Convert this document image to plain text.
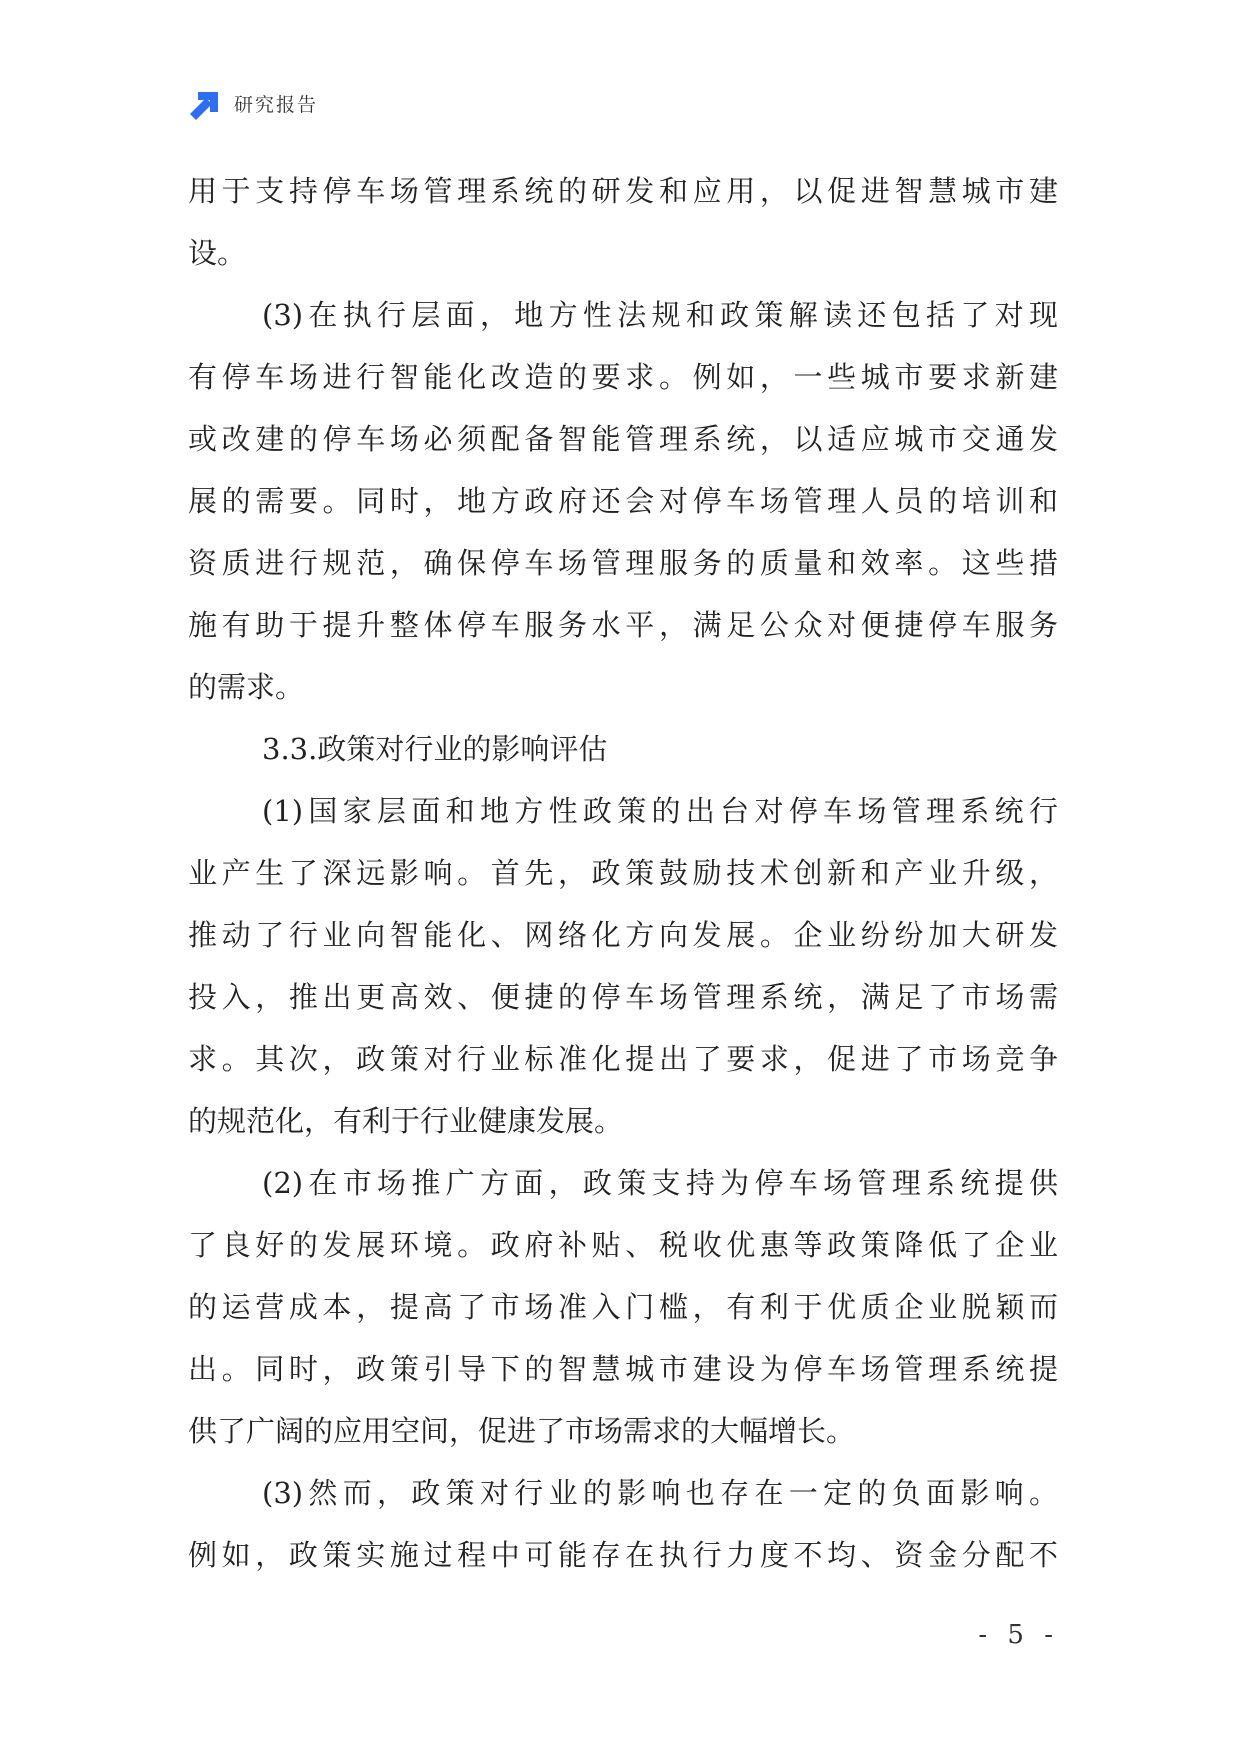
研究报告
用于支持停车场管理系统的研发和应用，以促进智慧城市建
设。
(3)在执行层面，地方性法规和政策解读还包括了对现
有停车场进行智能化改造的要求。例如，一些城市要求新建
或改建的停车场必须配备智能管理系统，以适应城市交通发
展的需要。同时，地方政府还会对停车场管理人员的培训和
资质进行规范，确保停车场管理服务的质量和效率。这些措
施有助于提升整体停车服务水平，满足公众对便捷停车服务
的需求。
3.3.政策对行业的影响评估
(1)国家层面和地方性政策的出台对停车场管理系统行
业产生了深远影响。首先，政策鼓励技术创新和产业升级，
推动了行业向智能化、网络化方向发展。企业纷纷加大研发
投入，推出更高效、便捷的停车场管理系统，满足了市场需
求。其次，政策对行业标准化提出了要求，促进了市场竞争
的规范化，有利于行业健康发展。
(2)在市场推广方面，政策支持为停车场管理系统提供
了良好的发展环境。政府补贴、税收优惠等政策降低了企业
的运营成本，提高了市场准入门槛，有利于优质企业脱颖而
出。同时，政策引导下的智慧城市建设为停车场管理系统提
供了广阔的应用空间，促进了市场需求的大幅增长。
(3)然而，政策对行业的影响也存在一定的负面影响。
例如，政策实施过程中可能存在执行力度不均、资金分配不
- 5 -
